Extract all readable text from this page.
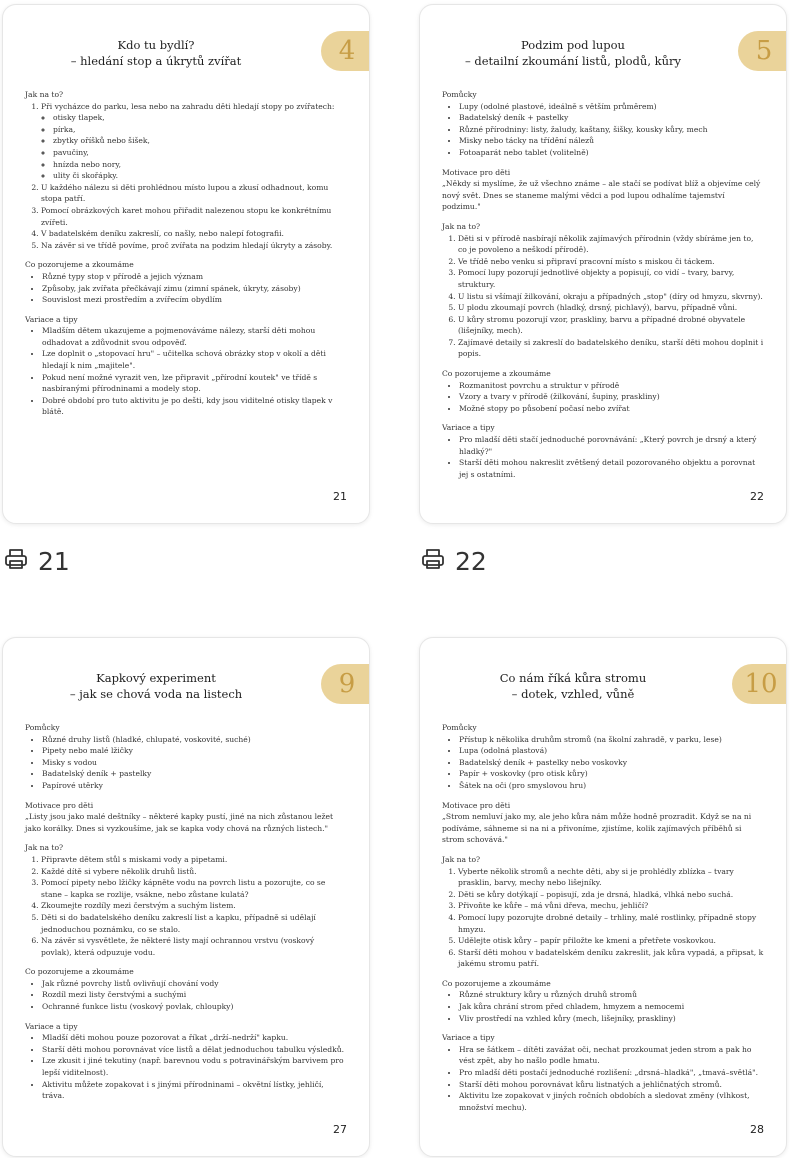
Kdo tu bydlí?
– hledání stop a úkrytů zvířat	4

Jak na to?

1. Při vycházce do parku, lesa nebo na zahradu děti hledají stopy po zvířatech:
◦ otisky tlapek,
◦ pírka,
◦ zbytky oříšků nebo šišek,
◦ pavučiny,
◦ hnízda nebo nory,
◦ ulity či skořápky.
2. U každého nálezu si děti prohlédnou místo lupou a zkusí odhadnout, komu stopa patří.
3. Pomocí obrázkových karet mohou přiřadit nalezenou stopu ke konkrétnímu zvířeti.
4. V badatelském deníku zakreslí, co našly, nebo nalepí fotografii.
5. Na závěr si ve třídě povíme, proč zvířata na podzim hledají úkryty a zásoby.

Co pozorujeme a zkoumáme

• Různé typy stop v přírodě a jejich význam
• Způsoby, jak zvířata přečkávají zimu (zimní spánek, úkryty, zásoby)
• Souvislost mezi prostředím a zvířecím obydlím

Variace a tipy

• Mladším dětem ukazujeme a pojmenováváme nálezy, starší děti mohou odhadovat a zdůvodnit svou odpověď.
• Lze doplnit o „stopovací hru" – učitelka schová obrázky stop v okolí a děti hledají k nim „majitele".
• Pokud není možné vyrazit ven, lze připravit „přírodní koutek" ve třídě s nasbíranými přírodninami a modely stop.
• Dobré období pro tuto aktivitu je po dešti, kdy jsou viditelné otisky tlapek v blátě.
21
Podzim pod lupou
– detailní zkoumání listů, plodů, kůry	5

Pomůcky

• Lupy (odolné plastové, ideálně s větším průměrem)
• Badatelský deník + pastelky
• Různé přírodniny: listy, žaludy, kaštany, šišky, kousky kůry, mech
• Misky nebo tácky na třídění nálezů
• Fotoaparát nebo tablet (volitelně)

Motivace pro děti

„Někdy si myslíme, že už všechno známe – ale stačí se podívat blíž a objevíme celý nový svět. Dnes se staneme malými vědci a pod lupou odhalíme tajemství podzimu."

Jak na to?

1. Děti si v přírodě nasbírají několik zajímavých přírodnin (vždy sbíráme jen to, co je povoleno a neškodí přírodě).
2. Ve třídě nebo venku si připraví pracovní místo s miskou či táckem.
3. Pomocí lupy pozorují jednotlivé objekty a popisují, co vidí – tvary, barvy, struktury.
4. U listu si všímají žilkování, okraju a případných „stop" (díry od hmyzu, skvrny).
5. U plodu zkoumají povrch (hladký, drsný, pichlavý), barvu, případně vůni.
6. U kůry stromu pozorují vzor, praskliny, barvu a případné drobné obyvatele (lišejníky, mech).
7. Zajímavé detaily si zakreslí do badatelského deníku, starší děti mohou doplnit i popis.

Co pozorujeme a zkoumáme

• Rozmanitost povrchu a struktur v přírodě
• Vzory a tvary v přírodě (žilkování, šupiny, praskliny)
• Možné stopy po působení počasí nebo zvířat

Variace a tipy

• Pro mladší děti stačí jednoduché porovnávání: „Který povrch je drsný a který hladký?"
• Starší děti mohou nakreslit zvětšený detail pozorovaného objektu a porovnat jej s ostatními.
22
21	22
Kapkový experiment
– jak se chová voda na listech	9

Pomůcky

• Různé druhy listů (hladké, chlupaté, voskovité, suché)
• Pipety nebo malé lžičky
• Misky s vodou
• Badatelský deník + pastelky
• Papírové utěrky

Motivace pro děti

„Listy jsou jako malé deštníky – některé kapky pustí, jiné na nich zůstanou ležet jako korálky. Dnes si vyzkoušíme, jak se kapka vody chová na různých listech."

Jak na to?

1. Připravte dětem stůl s miskami vody a pipetami.
2. Každé dítě si vybere několik druhů listů.
3. Pomocí pipety nebo lžičky kápněte vodu na povrch listu a pozorujte, co se stane – kapka se rozlije, vsákne, nebo zůstane kulatá?
4. Zkoumejte rozdíly mezi čerstvým a suchým listem.
5. Děti si do badatelského deníku zakreslí list a kapku, případně si udělají jednoduchou poznámku, co se stalo.
6. Na závěr si vysvětlete, že některé listy mají ochrannou vrstvu (voskový povlak), která odpuzuje vodu.

Co pozorujeme a zkoumáme

• Jak různé povrchy listů ovlivňují chování vody
• Rozdíl mezi listy čerstvými a suchými
• Ochranné funkce listu (voskový povlak, chloupky)

Variace a tipy

• Mladší děti mohou pouze pozorovat a říkat „drží–nedrží" kapku.
• Starší děti mohou porovnávat více listů a dělat jednoduchou tabulku výsledků.
• Lze zkusit i jiné tekutiny (např. barevnou vodu s potravinářským barvivem pro lepší viditelnost).
• Aktivitu můžete zopakovat i s jinými přírodninami – okvětní lístky, jehličí, tráva.
27
Co nám říká kůra stromu
– dotek, vzhled, vůně	10

Pomůcky

• Přístup k několika druhům stromů (na školní zahradě, v parku, lese)
• Lupa (odolná plastová)
• Badatelský deník + pastelky nebo voskovky
• Papír + voskovky (pro otisk kůry)
• Šátek na oči (pro smyslovou hru)

Motivace pro děti

„Strom nemluví jako my, ale jeho kůra nám může hodně prozradit. Když se na ni podíváme, sáhneme si na ni a přivoníme, zjistíme, kolik zajímavých příběhů si strom schovává."

Jak na to?

1. Vyberte několik stromů a nechte děti, aby si je prohlédly zblízka – tvary prasklin, barvy, mechy nebo lišejníky.
2. Děti se kůry dotýkají – popisují, zda je drsná, hladká, vlhká nebo suchá.
3. Přivoňte ke kůře – má vůni dřeva, mechu, jehličí?
4. Pomocí lupy pozorujte drobné detaily – trhliny, malé rostlinky, případně stopy hmyzu.
5. Udělejte otisk kůry – papír přiložte ke kmeni a přetřete voskovkou.
6. Starší děti mohou v badatelském deníku zakreslit, jak kůra vypadá, a připsat, k jakému stromu patří.

Co pozorujeme a zkoumáme

• Různé struktury kůry u různých druhů stromů
• Jak kůra chrání strom před chladem, hmyzem a nemocemi
• Vliv prostředí na vzhled kůry (mech, lišejníky, praskliny)

Variace a tipy

• Hra se šátkem – dítěti zavážat oči, nechat prozkoumat jeden strom a pak ho vést zpět, aby ho našlo podle hmatu.
• Pro mladší děti postačí jednoduché rozlišení: „drsná–hladká", „tmavá–světlá".
• Starší děti mohou porovnávat kůru listnatých a jehličnatých stromů.
• Aktivitu lze zopakovat v jiných ročních obdobích a sledovat změny (vlhkost, množství mechu).
28
